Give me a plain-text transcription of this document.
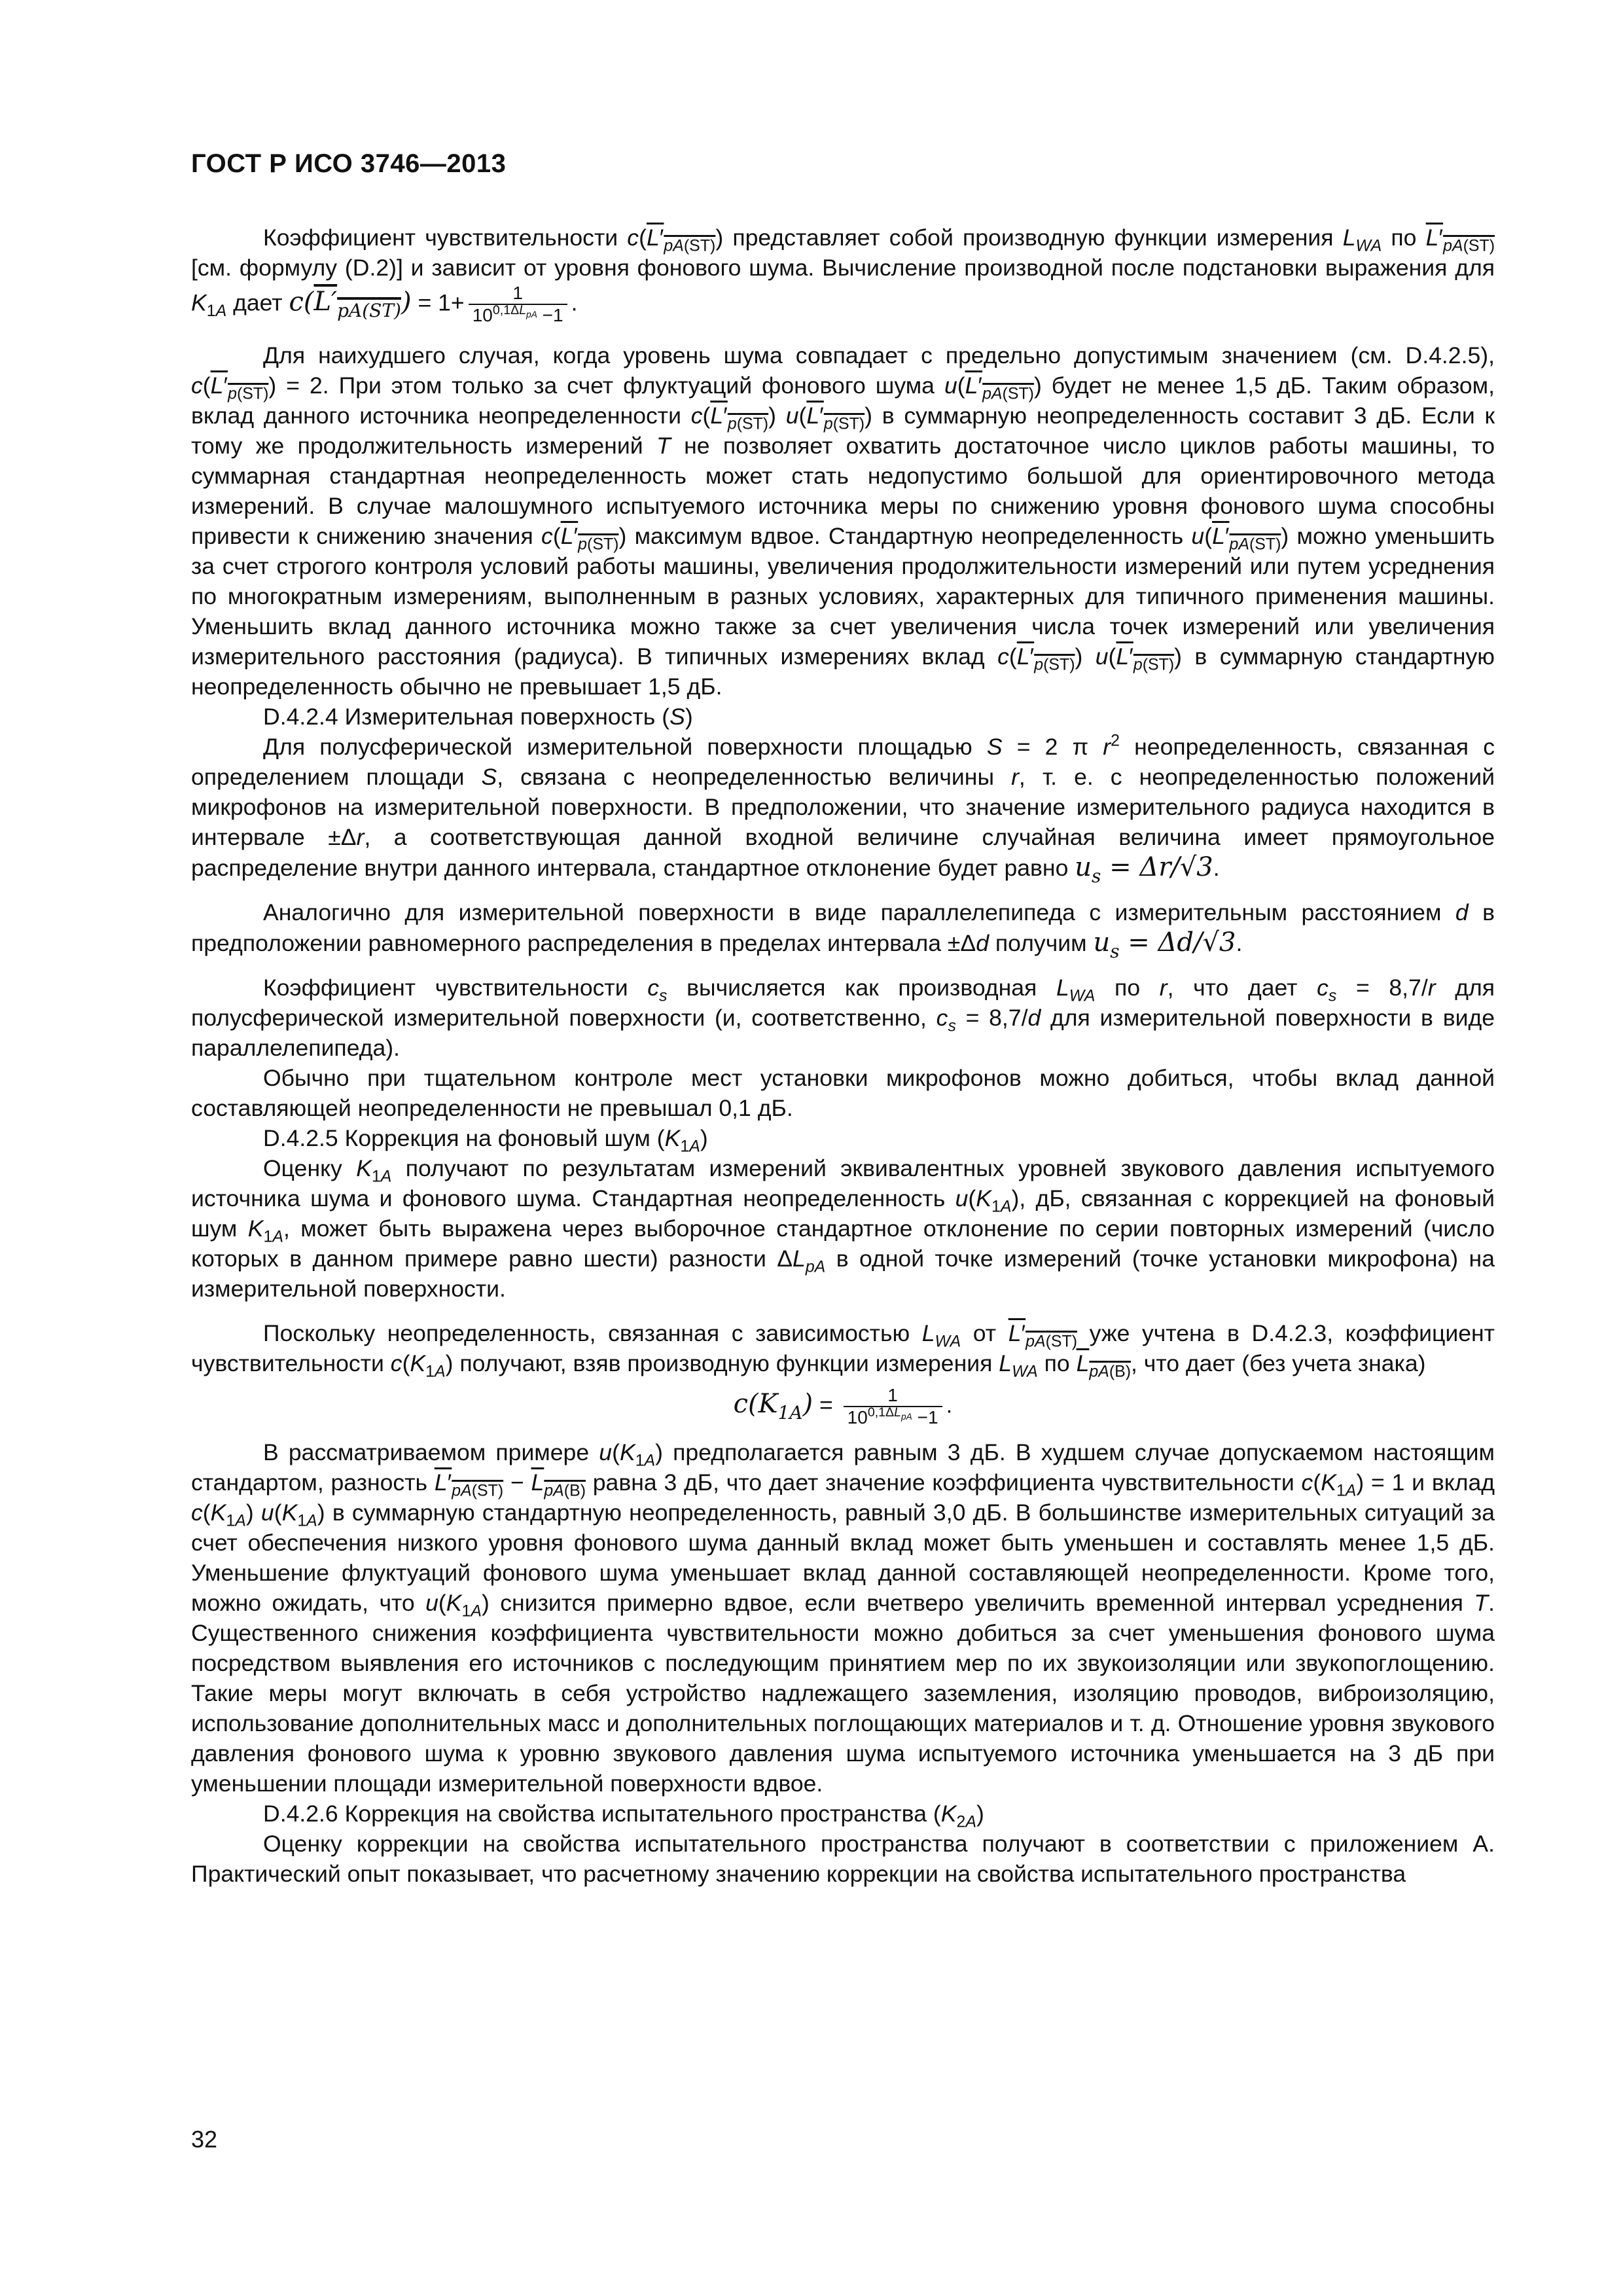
ГОСТ Р ИСО 3746—2013

Коэффициент чувствительности $c(L'_{pA(ST)})$ представляет собой производную функции измерения $L_{WA}$ по $L'_{pA(ST)}$ [см. формулу (D.2)] и зависит от уровня фонового шума. Вычисление производной после подстановки выражения для $K_{1A}$ дает $c(L'_{pA(ST)}) = 1+ \frac{1}{10^{0,1\Delta L_{pA}} -1}$ .

Для наихудшего случая, когда уровень шума совпадает с предельно допустимым значением (см. D.4.2.5), $c(L'_{p(ST)}) = 2$. При этом только за счет флуктуаций фонового шума $u(L'_{pA(ST)})$ будет не менее 1,5 дБ. Таким образом, вклад данного источника неопределенности $c(L'_{p(ST)})$ $u(L'_{p(ST)})$ в суммарную неопределенность составит 3 дБ. Если к тому же продолжительность измерений T не позволяет охватить достаточное число циклов работы машины, то суммарная стандартная неопределенность может стать недопустимо большой для ориентировочного метода измерений. В случае малошумного испытуемого источника меры по снижению уровня фонового шума способны привести к снижению значения $c(L'_{p(ST)})$ максимум вдвое. Стандартную неопределенность $u(L'_{pA(ST)})$ можно уменьшить за счет строгого контроля условий работы машины, увеличения продолжительности измерений или путем усреднения по многократным измерениям, выполненным в разных условиях, характерных для типичного применения машины. Уменьшить вклад данного источника можно также за счет увеличения числа точек измерений или увеличения измерительного расстояния (радиуса). В типичных измерениях вклад $c(L'_{p(ST)})$ $u(L'_{p(ST)})$ в суммарную стандартную неопределенность обычно не превышает 1,5 дБ.

D.4.2.4 Измерительная поверхность (S)

Для полусферической измерительной поверхности площадью S = 2 π $r^2$ неопределенность, связанная с определением площади S, связана с неопределенностью величины r, т. е. с неопределенностью положений микрофонов на измерительной поверхности. В предположении, что значение измерительного радиуса находится в интервале ±Δr, а соответствующая данной входной величине случайная величина имеет прямоугольное распределение внутри данного интервала, стандартное отклонение будет равно $u_s = \Delta r/√3$.

Аналогично для измерительной поверхности в виде параллелепипеда с измерительным расстоянием d в предположении равномерного распределения в пределах интервала ±Δd получим $u_s = \Delta d/√3$.

Коэффициент чувствительности $c_s$ вычисляется как производная $L_{WA}$ по r, что дает $c_s = 8,7/r$ для полусферической измерительной поверхности (и, соответственно, $c_s = 8,7/d$ для измерительной поверхности в виде параллелепипеда).

Обычно при тщательном контроле мест установки микрофонов можно добиться, чтобы вклад данной составляющей неопределенности не превышал 0,1 дБ.

D.4.2.5 Коррекция на фоновый шум $(K_{1A})$

Оценку $K_{1A}$ получают по результатам измерений эквивалентных уровней звукового давления испытуемого источника шума и фонового шума. Стандартная неопределенность $u(K_{1A})$, дБ, связанная с коррекцией на фоновый шум $K_{1A}$, может быть выражена через выборочное стандартное отклонение по серии повторных измерений (число которых в данном примере равно шести) разности $\Delta L_{pA}$ в одной точке измерений (точке установки микрофона) на измерительной поверхности.

Поскольку неопределенность, связанная с зависимостью $L_{WA}$ от $L'_{pA(ST)}$ уже учтена в D.4.2.3, коэффициент чувствительности $c(K_{1A})$ получают, взяв производную функции измерения $L_{WA}$ по $L_{pA(B)}$, что дает (без учета знака)

$c(K_{1A}) = \frac{1}{10^{0,1\Delta L_{pA}} -1}$ .

В рассматриваемом примере $u(K_{1A})$ предполагается равным 3 дБ. В худшем случае допускаемом настоящим стандартом, разность $L'_{pA(ST)} - L_{pA(B)}$ равна 3 дБ, что дает значение коэффициента чувствительности $c(K_{1A}) = 1$ и вклад $c(K_{1A})$ $u(K_{1A})$ в суммарную стандартную неопределенность, равный 3,0 дБ. В большинстве измерительных ситуаций за счет обеспечения низкого уровня фонового шума данный вклад может быть уменьшен и составлять менее 1,5 дБ. Уменьшение флуктуаций фонового шума уменьшает вклад данной составляющей неопределенности. Кроме того, можно ожидать, что $u(K_{1A})$ снизится примерно вдвое, если вчетверо увеличить временной интервал усреднения T. Существенного снижения коэффициента чувствительности можно добиться за счет уменьшения фонового шума посредством выявления его источников с последующим принятием мер по их звукоизоляции или звукопоглощению. Такие меры могут включать в себя устройство надлежащего заземления, изоляцию проводов, виброизоляцию, использование дополнительных масс и дополнительных поглощающих материалов и т. д. Отношение уровня звукового давления фонового шума к уровню звукового давления шума испытуемого источника уменьшается на 3 дБ при уменьшении площади измерительной поверхности вдвое.

D.4.2.6 Коррекция на свойства испытательного пространства $(K_{2A})$

Оценку коррекции на свойства испытательного пространства получают в соответствии с приложением А. Практический опыт показывает, что расчетному значению коррекции на свойства испытательного пространства

32
